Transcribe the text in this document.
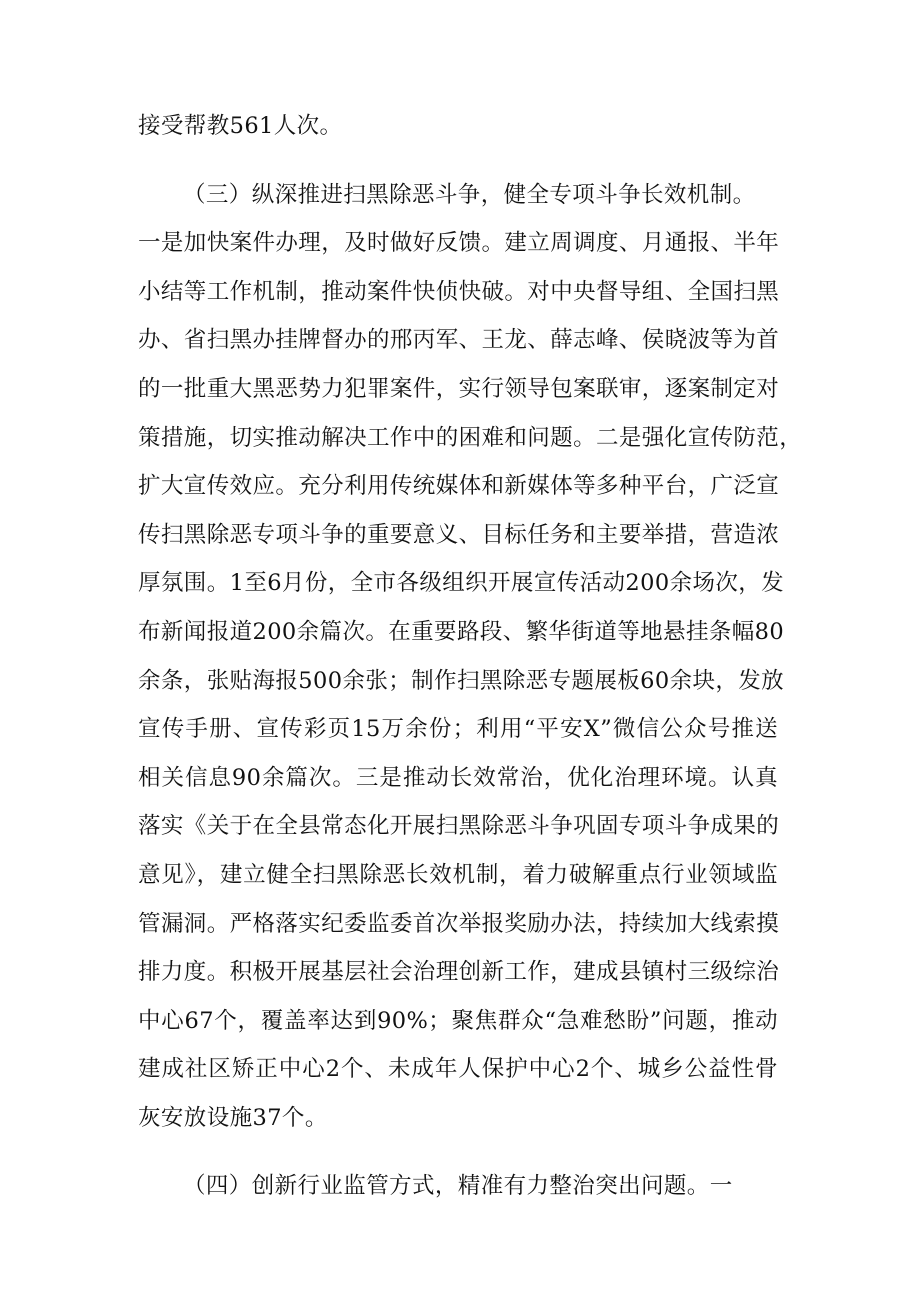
接受帮教561人次。

（三）纵深推进扫黑除恶斗争，健全专项斗争长效机制。
一是加快案件办理，及时做好反馈。建立周调度、月通报、半年
小结等工作机制，推动案件快侦快破。对中央督导组、全国扫黑
办、省扫黑办挂牌督办的邢丙军、王龙、薛志峰、侯晓波等为首
的一批重大黑恶势力犯罪案件，实行领导包案联审，逐案制定对
策措施，切实推动解决工作中的困难和问题。二是强化宣传防范，
扩大宣传效应。充分利用传统媒体和新媒体等多种平台，广泛宣
传扫黑除恶专项斗争的重要意义、目标任务和主要举措，营造浓
厚氛围。1至6月份，全市各级组织开展宣传活动200余场次，发
布新闻报道200余篇次。在重要路段、繁华街道等地悬挂条幅80
余条，张贴海报500余张；制作扫黑除恶专题展板60余块，发放
宣传手册、宣传彩页15万余份；利用“平安X”微信公众号推送
相关信息90余篇次。三是推动长效常治，优化治理环境。认真
落实《关于在全县常态化开展扫黑除恶斗争巩固专项斗争成果的
意见》，建立健全扫黑除恶长效机制，着力破解重点行业领域监
管漏洞。严格落实纪委监委首次举报奖励办法，持续加大线索摸
排力度。积极开展基层社会治理创新工作，建成县镇村三级综治
中心67个，覆盖率达到90%；聚焦群众“急难愁盼”问题，推动
建成社区矫正中心2个、未成年人保护中心2个、城乡公益性骨
灰安放设施37个。

（四）创新行业监管方式，精准有力整治突出问题。一
